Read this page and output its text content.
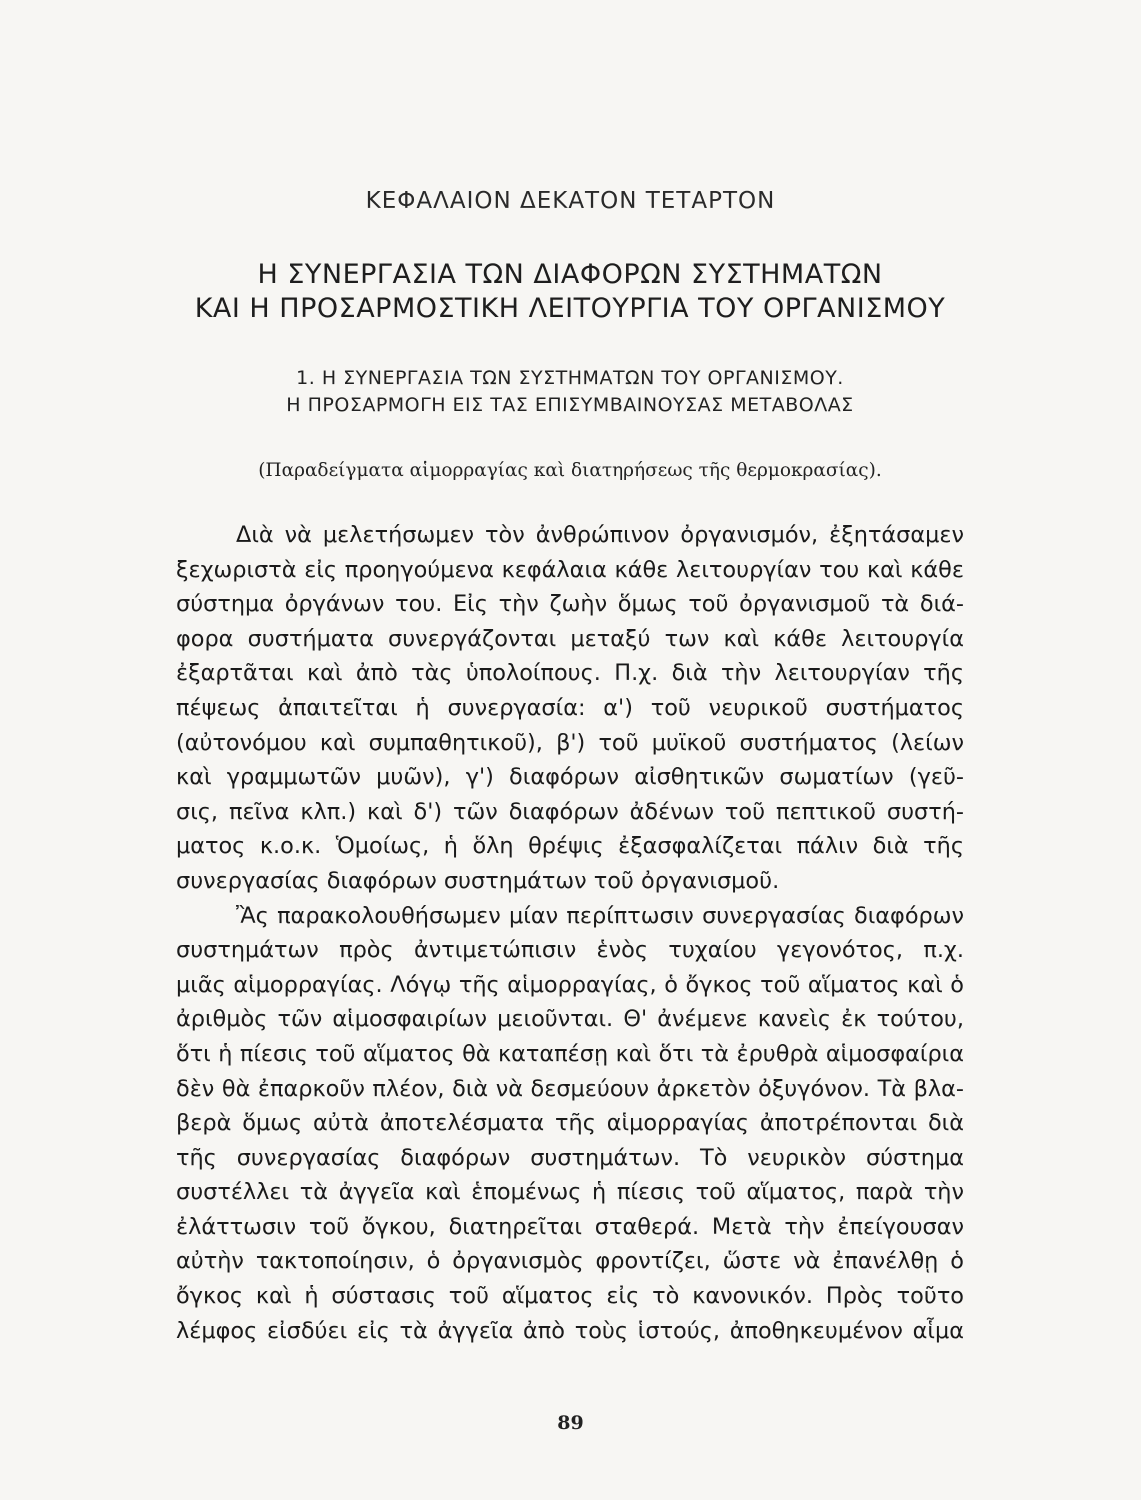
ΚΕΦΑΛΑΙΟΝ ΔΕΚΑΤΟΝ ΤΕΤΑΡΤΟΝ
Η ΣΥΝΕΡΓΑΣΙΑ ΤΩΝ ΔΙΑΦΟΡΩΝ ΣΥΣΤΗΜΑΤΩΝ
ΚΑΙ Η ΠΡΟΣΑΡΜΟΣΤΙΚΗ ΛΕΙΤΟΥΡΓΙΑ ΤΟΥ ΟΡΓΑΝΙΣΜΟΥ
1. Η ΣΥΝΕΡΓΑΣΙΑ ΤΩΝ ΣΥΣΤΗΜΑΤΩΝ ΤΟΥ ΟΡΓΑΝΙΣΜΟΥ.
Η ΠΡΟΣΑΡΜΟΓΗ ΕΙΣ ΤΑΣ ΕΠΙΣΥΜΒΑΙΝΟΥΣΑΣ ΜΕΤΑΒΟΛΑΣ
(Παραδείγματα αἱμορραγίας καὶ διατηρήσεως τῆς θερμοκρασίας).
Διὰ νὰ μελετήσωμεν τὸν ἀνθρώπινον ὀργανισμόν, ἐξητάσαμεν
ξεχωριστὰ εἰς προηγούμενα κεφάλαια κάθε λειτουργίαν του καὶ κάθε
σύστημα ὀργάνων του. Εἰς τὴν ζωὴν ὅμως τοῦ ὀργανισμοῦ τὰ διά-
φορα συστήματα συνεργάζονται μεταξύ των καὶ κάθε λειτουργία
ἐξαρτᾶται καὶ ἀπὸ τὰς ὑπολοίπους. Π.χ. διὰ τὴν λειτουργίαν τῆς
πέψεως ἀπαιτεῖται ἡ συνεργασία: α') τοῦ νευρικοῦ συστήματος
(αὐτονόμου καὶ συμπαθητικοῦ), β') τοῦ μυϊκοῦ συστήματος (λείων
καὶ γραμμωτῶν μυῶν), γ') διαφόρων αἰσθητικῶν σωματίων (γεῦ-
σις, πεῖνα κλπ.) καὶ δ') τῶν διαφόρων ἀδένων τοῦ πεπτικοῦ συστή-
ματος κ.ο.κ. Ὁμοίως, ἡ ὅλη θρέψις ἐξασφαλίζεται πάλιν διὰ τῆς
συνεργασίας διαφόρων συστημάτων τοῦ ὀργανισμοῦ.
Ἂς παρακολουθήσωμεν μίαν περίπτωσιν συνεργασίας διαφόρων
συστημάτων πρὸς ἀντιμετώπισιν ἑνὸς τυχαίου γεγονότος, π.χ.
μιᾶς αἱμορραγίας. Λόγῳ τῆς αἱμορραγίας, ὁ ὄγκος τοῦ αἵματος καὶ ὁ
ἀριθμὸς τῶν αἱμοσφαιρίων μειοῦνται. Θ' ἀνέμενε κανεὶς ἐκ τούτου,
ὅτι ἡ πίεσις τοῦ αἵματος θὰ καταπέσῃ καὶ ὅτι τὰ ἐρυθρὰ αἱμοσφαίρια
δὲν θὰ ἐπαρκοῦν πλέον, διὰ νὰ δεσμεύουν ἀρκετὸν ὀξυγόνον. Τὰ βλα-
βερὰ ὅμως αὐτὰ ἀποτελέσματα τῆς αἱμορραγίας ἀποτρέπονται διὰ
τῆς συνεργασίας διαφόρων συστημάτων. Τὸ νευρικὸν σύστημα
συστέλλει τὰ ἀγγεῖα καὶ ἑπομένως ἡ πίεσις τοῦ αἵματος, παρὰ τὴν
ἐλάττωσιν τοῦ ὄγκου, διατηρεῖται σταθερά. Μετὰ τὴν ἐπείγουσαν
αὐτὴν τακτοποίησιν, ὁ ὀργανισμὸς φροντίζει, ὥστε νὰ ἐπανέλθῃ ὁ
ὄγκος καὶ ἡ σύστασις τοῦ αἵματος εἰς τὸ κανονικόν. Πρὸς τοῦτο
λέμφος εἰσδύει εἰς τὰ ἀγγεῖα ἀπὸ τοὺς ἱστούς, ἀποθηκευμένον αἷμα
89
